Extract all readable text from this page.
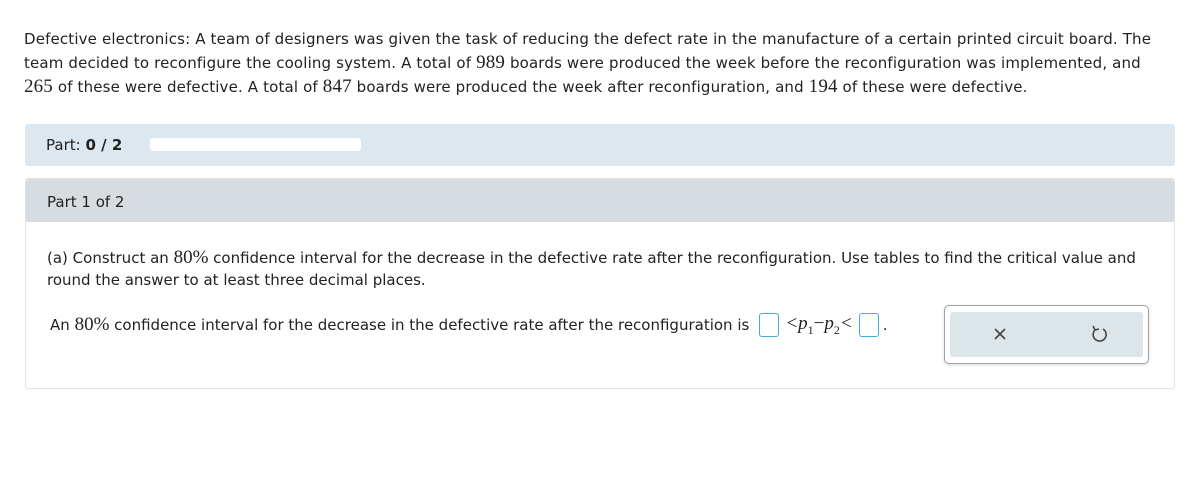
Defective electronics: A team of designers was given the task of reducing the defect rate in the manufacture of a certain printed circuit board. The team decided to reconfigure the cooling system. A total of 989 boards were produced the week before the reconfiguration was implemented, and 265 of these were defective. A total of 847 boards were produced the week after reconfiguration, and 194 of these were defective.
Part: 0 / 2
Part 1 of 2
(a) Construct an 80% confidence interval for the decrease in the defective rate after the reconfiguration. Use tables to find the critical value and round the answer to at least three decimal places.
An
80%
confidence interval for the decrease in the defective rate after the reconfiguration is $<p_1-p_2<$ .
